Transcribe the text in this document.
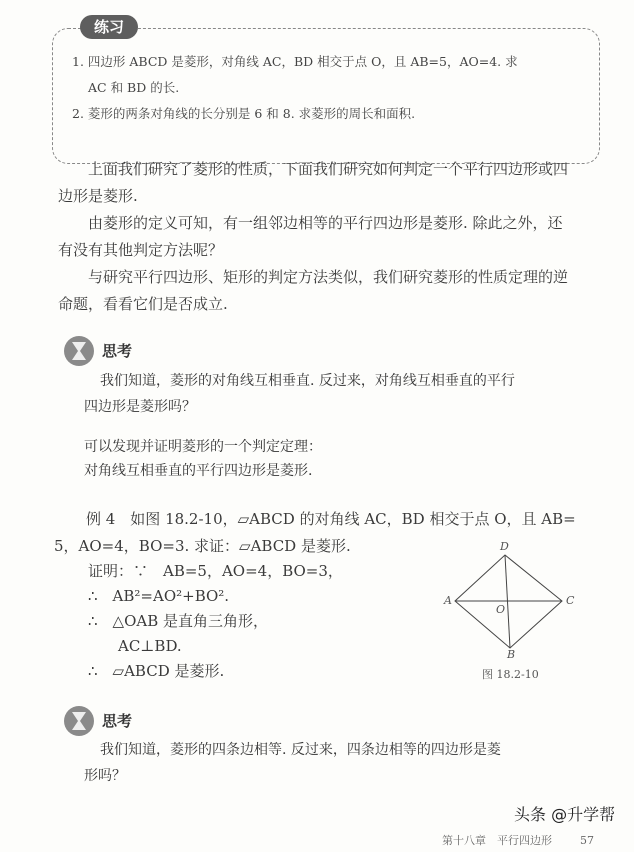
练习
1. 四边形 ABCD 是菱形，对角线 AC，BD 相交于点 O，且 AB=5，AO=4. 求
AC 和 BD 的长.
2. 菱形的两条对角线的长分别是 6 和 8. 求菱形的周长和面积.
上面我们研究了菱形的性质，下面我们研究如何判定一个平行四边形或四
边形是菱形.
由菱形的定义可知，有一组邻边相等的平行四边形是菱形. 除此之外，还
有没有其他判定方法呢？
与研究平行四边形、矩形的判定方法类似，我们研究菱形的性质定理的逆
命题，看看它们是否成立.
思考
我们知道，菱形的对角线互相垂直. 反过来，对角线互相垂直的平行
四边形是菱形吗？
可以发现并证明菱形的一个判定定理：
对角线互相垂直的平行四边形是菱形.
例 4　如图 18.2-10，▱ABCD 的对角线 AC，BD 相交于点 O，且 AB=
5，AO=4，BO=3. 求证：▱ABCD 是菱形.
证明：∵　AB=5，AO=4，BO=3，
∴　AB²=AO²+BO².
∴　△OAB 是直角三角形，
AC⊥BD.
∴　▱ABCD 是菱形.
D
A	C
O
B
图 18.2-10
思考
我们知道，菱形的四条边相等. 反过来，四条边相等的四边形是菱
形吗？
头条 @升学帮
第十八章　平行四边形	57
